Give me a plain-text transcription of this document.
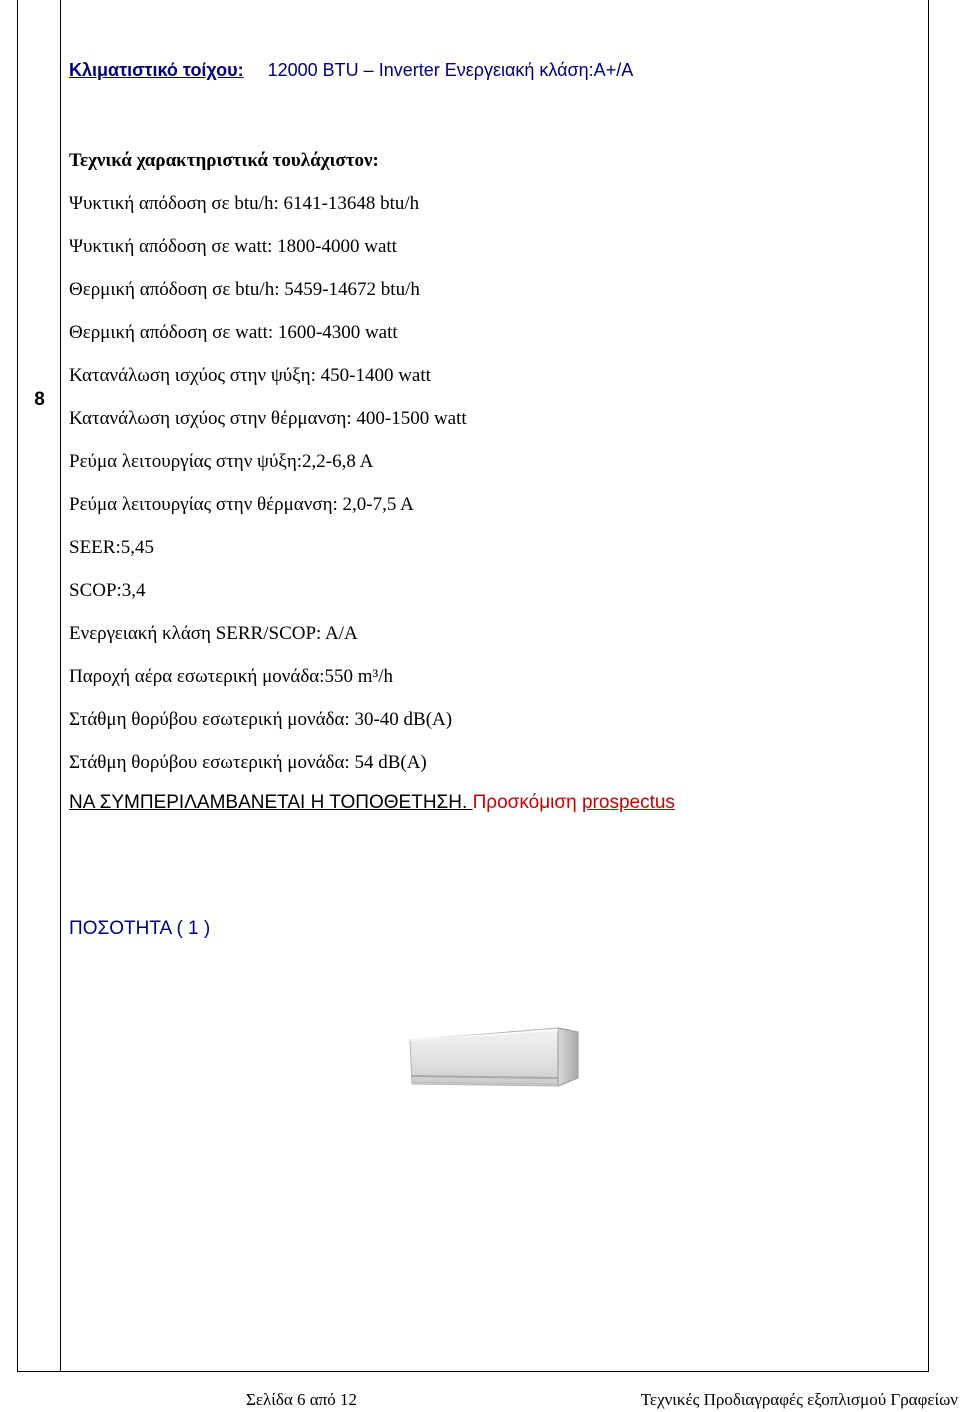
8
Κλιματιστικό τοίχου: 12000 BTU – Inverter Ενεργειακή κλάση:Α+/Α
Τεχνικά χαρακτηριστικά τουλάχιστον:
Ψυκτική απόδοση σε btu/h: 6141-13648 btu/h
Ψυκτική απόδοση σε watt: 1800-4000 watt
Θερμική απόδοση σε btu/h: 5459-14672 btu/h
Θερμική απόδοση σε watt: 1600-4300 watt
Κατανάλωση ισχύος στην ψύξη: 450-1400 watt
Κατανάλωση ισχύος στην θέρμανση: 400-1500 watt
Ρεύμα λειτουργίας στην ψύξη:2,2-6,8 Α
Ρεύμα λειτουργίας στην θέρμανση: 2,0-7,5 Α
SEER:5,45
SCOP:3,4
Ενεργειακή κλάση SERR/SCOP: A/A
Παροχή αέρα εσωτερική μονάδα:550 m³/h
Στάθμη θορύβου εσωτερική μονάδα: 30-40 dB(A)
Στάθμη θορύβου εσωτερική μονάδα: 54 dB(A)
ΝΑ ΣΥΜΠΕΡΙΛΑΜΒΑΝΕΤΑΙ Η ΤΟΠΟΘΕΤΗΣΗ. Προσκόμιση prospectus
ΠΟΣΟΤΗΤΑ ( 1 )
Σελίδα 6 από 12	Τεχνικές Προδιαγραφές εξοπλισμού Γραφείων
